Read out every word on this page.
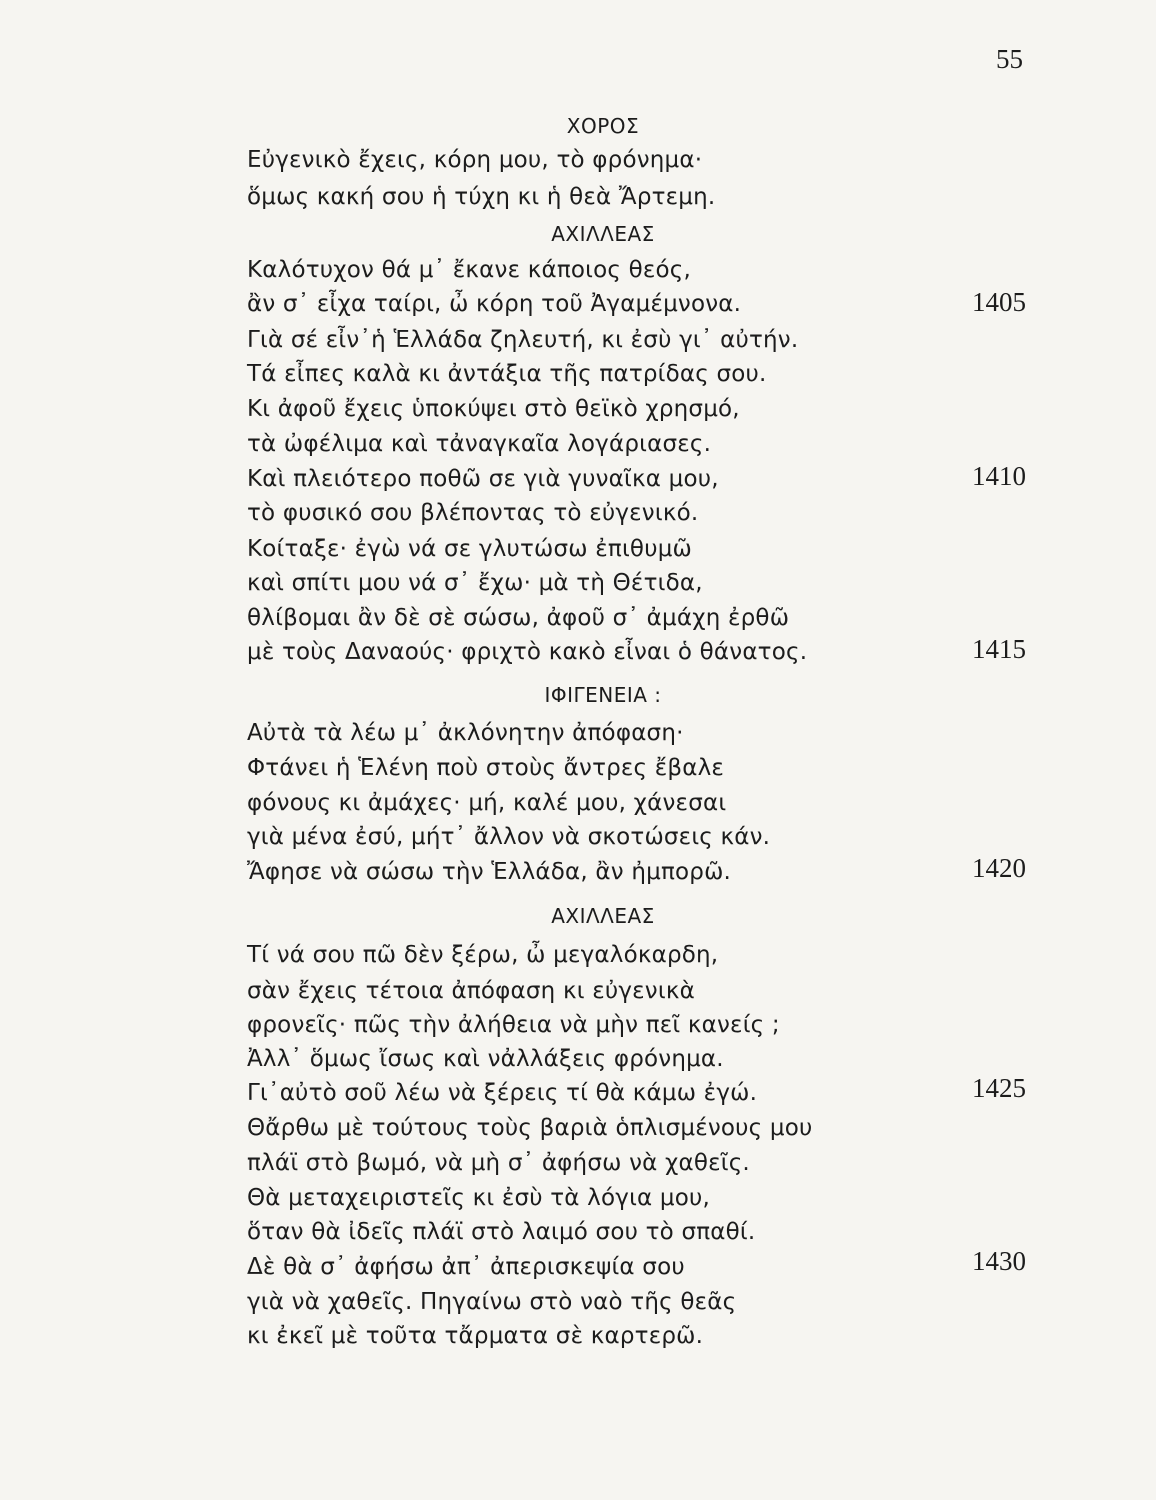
55
ΧΟΡΟΣ
Εὐγενικὸ ἔχεις, κόρη μου, τὸ φρόνημα·
ὅμως κακή σου ἡ τύχη κι ἡ θεὰ Ἄρτεμη.
ΑΧΙΛΛΕΑΣ
Καλότυχον θά μ᾽ ἔκανε κάποιος θεός,
ἂν σ᾽ εἶχα ταίρι, ὦ κόρη τοῦ Ἀγαμέμνονα.	1405
Γιὰ σέ εἶν᾽ἡ Ἑλλάδα ζηλευτή, κι ἐσὺ γι᾽ αὐτήν.
Τά εἶπες καλὰ κι ἀντάξια τῆς πατρίδας σου.
Κι ἀφοῦ ἔχεις ὑποκύψει στὸ θεϊκὸ χρησμό,
τὰ ὠφέλιμα καὶ τἀναγκαῖα λογάριασες.
Καὶ πλειότερο ποθῶ σε γιὰ γυναῖκα μου,	1410
τὸ φυσικό σου βλέποντας τὸ εὐγενικό.
Κοίταξε· ἐγὼ νά σε γλυτώσω ἐπιθυμῶ
καὶ σπίτι μου νά σ᾽ ἔχω· μὰ τὴ Θέτιδα,
θλίβομαι ἂν δὲ σὲ σώσω, ἀφοῦ σ᾽ ἀμάχη ἐρθῶ
μὲ τοὺς Δαναούς· φριχτὸ κακὸ εἶναι ὁ θάνατος.	1415
ΙΦΙΓΕΝΕΙΑ :
Αὐτὰ τὰ λέω μ᾽ ἀκλόνητην ἀπόφαση·
Φτάνει ἡ Ἑλένη ποὺ στοὺς ἄντρες ἔβαλε
φόνους κι ἀμάχες· μή, καλέ μου, χάνεσαι
γιὰ μένα ἐσύ, μήτ᾽ ἄλλον νὰ σκοτώσεις κάν.
Ἄφησε νὰ σώσω τὴν Ἑλλάδα, ἂν ἠμπορῶ.	1420
ΑΧΙΛΛΕΑΣ
Τί νά σου πῶ δὲν ξέρω, ὦ μεγαλόκαρδη,
σὰν ἔχεις τέτοια ἀπόφαση κι εὐγενικὰ
φρονεῖς· πῶς τὴν ἀλήθεια νὰ μὴν πεῖ κανείς ;
Ἀλλ᾽ ὅμως ἴσως καὶ νἀλλάξεις φρόνημα.
Γι᾽αὐτὸ σοῦ λέω νὰ ξέρεις τί θὰ κάμω ἐγώ.	1425
Θἄρθω μὲ τούτους τοὺς βαριὰ ὁπλισμένους μου
πλάϊ στὸ βωμό, νὰ μὴ σ᾽ ἀφήσω νὰ χαθεῖς.
Θὰ μεταχειριστεῖς κι ἐσὺ τὰ λόγια μου,
ὅταν θὰ ἰδεῖς πλάϊ στὸ λαιμό σου τὸ σπαθί.
Δὲ θὰ σ᾽ ἀφήσω ἀπ᾽ ἀπερισκεψία σου	1430
γιὰ νὰ χαθεῖς. Πηγαίνω στὸ ναὸ τῆς θεᾶς
κι ἐκεῖ μὲ τοῦτα τἄρματα σὲ καρτερῶ.
